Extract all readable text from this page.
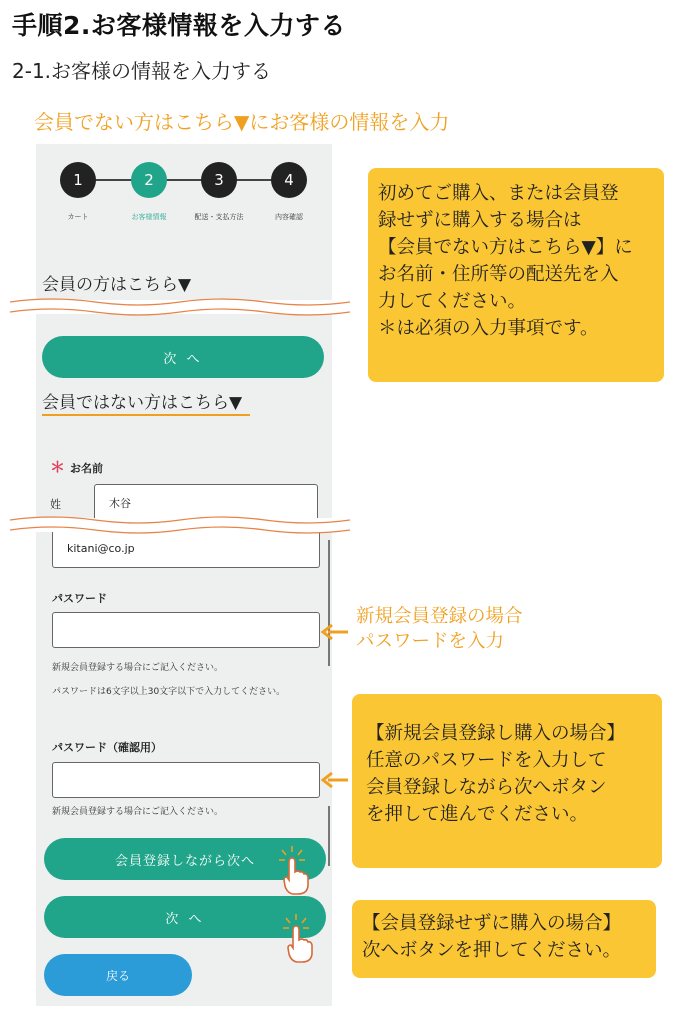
手順2.お客様情報を入力する
2-1.お客様の情報を入力する
会員でない方はこちら▼にお客様の情報を入力
1	2	3	4
カート	お客様情報	配送・支払方法	内容確認
会員の方はこちら▼
次 へ
会員ではない方はこちら▼
＊ お名前
姓	木谷
kitani@co.jp
パスワード
新規会員登録する場合にご記入ください。
パスワードは6文字以上30文字以下で入力してください。
パスワード（確認用）
新規会員登録する場合にご記入ください。
会員登録しながら次へ
次 へ
戻る
初めてご購入、または会員登
録せずに購入する場合は
【会員でない方はこちら▼】に
お名前・住所等の配送先を入
力してください。
＊は必須の入力事項です。
新規会員登録の場合
パスワードを入力
【新規会員登録し購入の場合】
任意のパスワードを入力して
会員登録しながら次へボタン
を押して進んでください。
【会員登録せずに購入の場合】
次へボタンを押してください。
